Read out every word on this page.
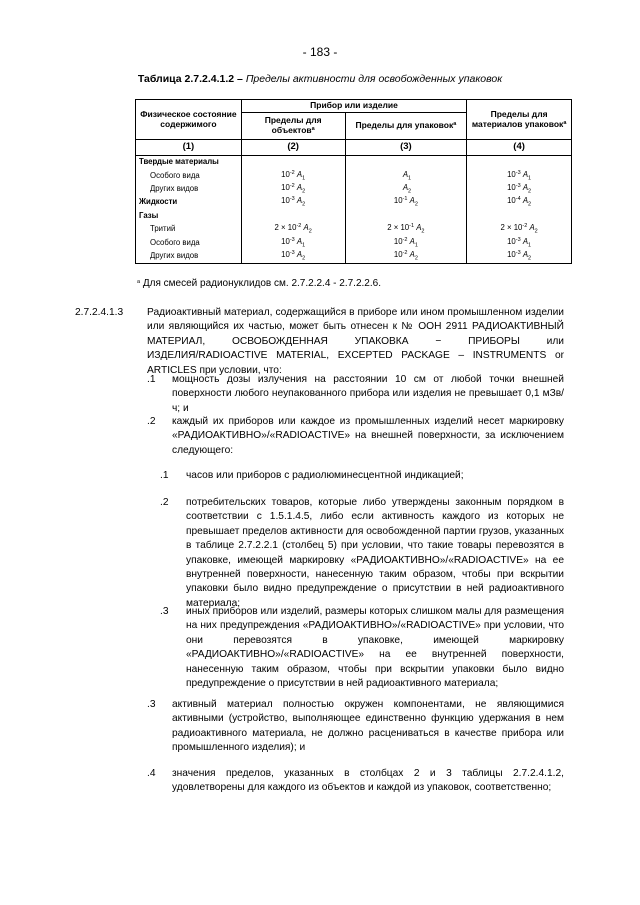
- 183 -
Таблица 2.7.2.4.1.2 – Пределы активности для освобожденных упаковок
Физическое состояние содержимого	Прибор или изделие		Пределы для материалов упаковок$^a$
	Пределы для объектов$^a$	Пределы для упаковок$^a$
(1)	(2)	(3)	(4)
Твердые материалы			
Особого вида	$10^{-2}$ $A_1$	$A_1$	$10^{-3}$ $A_1$
Других видов	$10^{-2}$ $A_2$	$A_2$	$10^{-3}$ $A_2$
Жидкости	$10^{-3}$ $A_2$	$10^{-1}$ $A_2$	$10^{-4}$ $A_2$
Газы			
Тритий	$2 \times 10^{-2}$ $A_2$	$2 \times 10^{-1}$ $A_2$	$2 \times 10^{-2}$ $A_2$
Особого вида	$10^{-3}$ $A_1$	$10^{-2}$ $A_1$	$10^{-3}$ $A_1$
Других видов	$10^{-3}$ $A_2$	$10^{-2}$ $A_2$	$10^{-3}$ $A_2$
$^a$ Для смесей радионуклидов см. 2.7.2.2.4 - 2.7.2.2.6.
2.7.2.4.1.3 Радиоактивный материал, содержащийся в приборе или ином промышленном изделии или являющийся их частью, может быть отнесен к № ООН 2911 РАДИОАКТИВНЫЙ МАТЕРИАЛ, ОСВОБОЖДЕННАЯ УПАКОВКА − ПРИБОРЫ или ИЗДЕЛИЯ/RADIOACTIVE MATERIAL, EXCEPTED PACKAGE – INSTRUMENTS or ARTICLES при условии, что:
.1 мощность дозы излучения на расстоянии 10 см от любой точки внешней поверхности любого неупакованного прибора или изделия не превышает 0,1 мЗв/ч; и
.2 каждый их приборов или каждое из промышленных изделий несет маркировку «РАДИОАКТИВНО»/«RADIOACTIVE» на внешней поверхности, за исключением следующего:
.1 часов или приборов с радиолюминесцентной индикацией;
.2 потребительских товаров, которые либо утверждены законным порядком в соответствии с 1.5.1.4.5, либо если активность каждого из которых не превышает пределов активности для освобожденной партии грузов, указанных в таблице 2.7.2.2.1 (столбец 5) при условии, что такие товары перевозятся в упаковке, имеющей маркировку «РАДИОАКТИВНО»/«RADIOACTIVE» на ее внутренней поверхности, нанесенную таким образом, чтобы при вскрытии упаковки было видно предупреждение о присутствии в ней радиоактивного материала;
.3 иных приборов или изделий, размеры которых слишком малы для размещения на них предупреждения «РАДИОАКТИВНО»/«RADIOACTIVE» при условии, что они перевозятся в упаковке, имеющей маркировку «РАДИОАКТИВНО»/«RADIOACTIVE» на ее внутренней поверхности, нанесенную таким образом, чтобы при вскрытии упаковки было видно предупреждение о присутствии в ней радиоактивного материала;
.3 активный материал полностью окружен компонентами, не являющимися активными (устройство, выполняющее единственно функцию удержания в нем радиоактивного материала, не должно расцениваться в качестве прибора или промышленного изделия); и
.4 значения пределов, указанных в столбцах 2 и 3 таблицы 2.7.2.4.1.2, удовлетворены для каждого из объектов и каждой из упаковок, соответственно;
